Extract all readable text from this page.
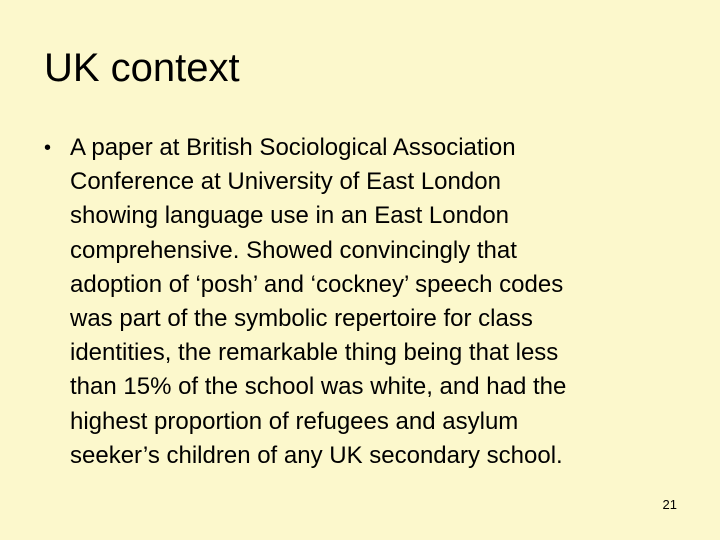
UK context
• A paper at British Sociological Association
Conference at University of East London
showing language use in an East London
comprehensive. Showed convincingly that
adoption of ‘posh’ and ‘cockney’ speech codes
was part of the symbolic repertoire for class
identities, the remarkable thing being that less
than 15% of the school was white, and had the
highest proportion of refugees and asylum
seeker’s children of any UK secondary school.
21
